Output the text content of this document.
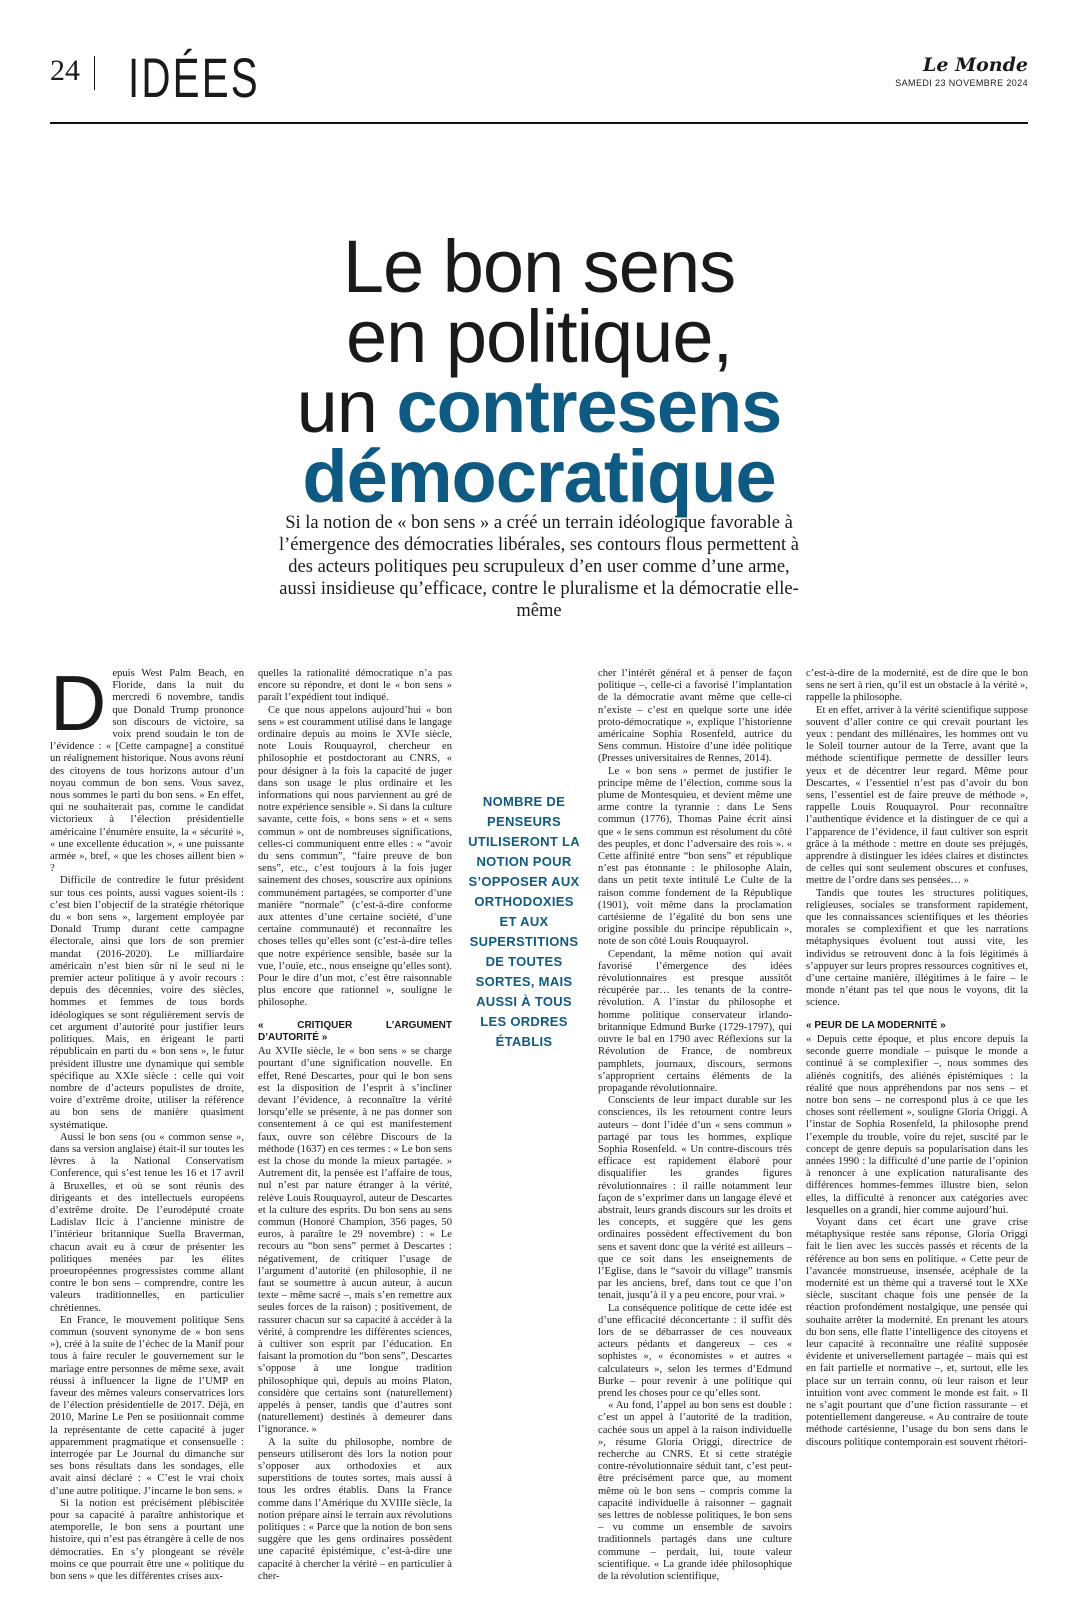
24 IDÉES	Le Monde
SAMEDI 23 NOVEMBRE 2024
Le bon sens
en politique,
un contresens
démocratique
Si la notion de « bon sens » a créé un terrain idéologique favorable à l’émergence des démocraties libérales, ses contours flous permettent à des acteurs politiques peu scrupuleux d’en user comme d’une arme, aussi insidieuse qu’efficace, contre le pluralisme et la démocratie elle-même
D epuis West Palm Beach, en Floride, dans la nuit du mercredi 6 novembre, tandis que Donald Trump prononce son discours de victoire, sa voix prend soudain le ton de l’évidence : « [Cette campagne] a constitué un réalignement historique. Nous avons réuni des citoyens de tous horizons autour d’un noyau commun de bon sens. Vous savez, nous sommes le parti du bon sens. » En effet, qui ne souhaiterait pas, comme le candidat victorieux à l’élection présidentielle américaine l’énumère ensuite, la « sécurité », « une excellente éducation », « une puissante armée », bref, « que les choses aillent bien » ?

Difficile de contredire le futur président sur tous ces points, aussi vagues soient-ils : c’est bien l’objectif de la stratégie rhétorique du « bon sens », largement employée par Donald Trump durant cette campagne électorale, ainsi que lors de son premier mandat (2016-2020). Le milliardaire américain n’est bien sûr ni le seul ni le premier acteur politique à y avoir recours : depuis des décennies, voire des siècles, hommes et femmes de tous bords idéologiques se sont régulièrement servis de cet argument d’autorité pour justifier leurs politiques. Mais, en érigeant le parti républicain en parti du « bon sens », le futur président illustre une dynamique qui semble spécifique au XXIe siècle : celle qui voit nombre de d’acteurs populistes de droite, voire d’extrême droite, utiliser la référence au bon sens de manière quasiment systématique.

Aussi le bon sens (ou « common sense », dans sa version anglaise) était-il sur toutes les lèvres à la National Conservatism Conference, qui s’est tenue les 16 et 17 avril à Bruxelles, et où se sont réunis des dirigeants et des intellectuels européens d’extrême droite. De l’eurodéputé croate Ladislav Ilcic à l’ancienne ministre de l’intérieur britannique Suella Braverman, chacun avait eu à cœur de présenter les politiques menées par les élites proeuropéennes progressistes comme allant contre le bon sens – comprendre, contre les valeurs traditionnelles, en particulier chrétiennes.

En France, le mouvement politique Sens commun (souvent synonyme de « bon sens »), créé à la suite de l’échec de la Manif pour tous à faire reculer le gouvernement sur le mariage entre personnes de même sexe, avait réussi à influencer la ligne de l’UMP en faveur des mêmes valeurs conservatrices lors de l’élection présidentielle de 2017. Déjà, en 2010, Marine Le Pen se positionnait comme la représentante de cette capacité à juger apparemment pragmatique et consensuelle : interrogée par Le Journal du dimanche sur ses bons résultats dans les sondages, elle avait ainsi déclaré : « C’est le vrai choix d’une autre politique. J’incarne le bon sens. »

Si la notion est précisément plébiscitée pour sa capacité à paraître anhistorique et atemporelle, le bon sens a pourtant une histoire, qui n’est pas étrangère à celle de nos démocraties. En s’y plongeant se révèle moins ce que pourrait être une « politique du bon sens » que les différentes crises aux-

quelles la rationalité démocratique n’a pas encore su répondre, et dont le « bon sens » paraît l’expédient tout indiqué.

Ce que nous appelons aujourd’hui « bon sens » est couramment utilisé dans le langage ordinaire depuis au moins le XVIe siècle, note Louis Rouquayrol, chercheur en philosophie et postdoctorant au CNRS, « pour désigner à la fois la capacité de juger dans son usage le plus ordinaire et les informations qui nous parviennent au gré de notre expérience sensible ». Si dans la culture savante, cette fois, « bons sens » et « sens commun » ont de nombreuses significations, celles-ci communiquent entre elles : « “avoir du sens commun”, “faire preuve de bon sens”, etc., c’est toujours à la fois juger sainement des choses, souscrire aux opinions communément partagées, se comporter d’une manière “normale” (c’est-à-dire conforme aux attentes d’une certaine société, d’une certaine communauté) et reconnaître les choses telles qu’elles sont (c’est-à-dire telles que notre expérience sensible, basée sur la vue, l’ouïe, etc., nous enseigne qu’elles sont). Pour le dire d’un mot, c’est être raisonnable plus encore que rationnel », souligne le philosophe.

« CRITIQUER L’ARGUMENT D’AUTORITÉ »

Au XVIIe siècle, le « bon sens » se charge pourtant d’une signification nouvelle. En effet, René Descartes, pour qui le bon sens est la disposition de l’esprit à s’incliner devant l’évidence, à reconnaître la vérité lorsqu’elle se présente, à ne pas donner son consentement à ce qui est manifestement faux, ouvre son célèbre Discours de la méthode (1637) en ces termes : « Le bon sens est la chose du monde la mieux partagée. » Autrement dit, la pensée est l’affaire de tous, nul n’est par nature étranger à la vérité, relève Louis Rouquayrol, auteur de Descartes et la culture des esprits. Du bon sens au sens commun (Honoré Champion, 356 pages, 50 euros, à paraître le 29 novembre) : « Le recours au “bon sens” permet à Descartes : négativement, de critiquer l’usage de l’argument d’autorité (en philosophie, il ne faut se soumettre à aucun auteur, à aucun texte – même sacré –, mais s’en remettre aux seules forces de la raison) ; positivement, de rassurer chacun sur sa capacité à accéder à la vérité, à comprendre les différentes sciences, à cultiver son esprit par l’éducation. En faisant la promotion du “bon sens”, Descartes s’oppose à une longue tradition philosophique qui, depuis au moins Platon, considère que certains sont (naturellement) appelés à penser, tandis que d’autres sont (naturellement) destinés à demeurer dans l’ignorance. »

A la suite du philosophe, nombre de penseurs utiliseront dès lors la notion pour s’opposer aux orthodoxies et aux superstitions de toutes sortes, mais aussi à tous les ordres établis. Dans la France comme dans l’Amérique du XVIIIe siècle, la notion prépare ainsi le terrain aux révolutions politiques : « Parce que la notion de bon sens suggère que les gens ordinaires possèdent une capacité épistémique, c’est-à-dire une capacité à chercher la vérité – en particulier à cher-

NOMBRE DE PENSEURS UTILISERONT LA NOTION POUR S’OPPOSER AUX ORTHODOXIES ET AUX SUPERSTITIONS DE TOUTES SORTES, MAIS AUSSI À TOUS LES ORDRES ÉTABLIS

cher l’intérêt général et à penser de façon politique –, celle-ci a favorisé l’implantation de la démocratie avant même que celle-ci n’existe – c’est en quelque sorte une idée proto-démocratique », explique l’historienne américaine Sophia Rosenfeld, autrice du Sens commun. Histoire d’une idée politique (Presses universitaires de Rennes, 2014).

Le « bon sens » permet de justifier le principe même de l’élection, comme sous la plume de Montesquieu, et devient même une arme contre la tyrannie : dans Le Sens commun (1776), Thomas Paine écrit ainsi que « le sens commun est résolument du côté des peuples, et donc l’adversaire des rois ». « Cette affinité entre “bon sens” et république n’est pas étonnante : le philosophe Alain, dans un petit texte intitulé Le Culte de la raison comme fondement de la République (1901), voit même dans la proclamation cartésienne de l’égalité du bon sens une origine possible du principe républicain », note de son côté Louis Rouquayrol.

Cependant, la même notion qui avait favorisé l’émergence des idées révolutionnaires est presque aussitôt récupérée par… les tenants de la contre-révolution. A l’instar du philosophe et homme politique conservateur irlando-britannique Edmund Burke (1729-1797), qui ouvre le bal en 1790 avec Réflexions sur la Révolution de France, de nombreux pamphlets, journaux, discours, sermons s’approprient certains éléments de la propagande révolutionnaire.

Conscients de leur impact durable sur les consciences, ils les retournent contre leurs auteurs – dont l’idée d’un « sens commun » partagé par tous les hommes, explique Sophia Rosenfeld. « Un contre-discours très efficace est rapidement élaboré pour disqualifier les grandes figures révolutionnaires : il raille notamment leur façon de s’exprimer dans un langage élevé et abstrait, leurs grands discours sur les droits et les concepts, et suggère que les gens ordinaires possèdent effectivement du bon sens et savent donc que la vérité est ailleurs – que ce soit dans les enseignements de l’Eglise, dans le “savoir du village” transmis par les anciens, bref, dans tout ce que l’on tenait, jusqu’à il y a peu encore, pour vrai. »

La conséquence politique de cette idée est d’une efficacité déconcertante : il suffit dès lors de se débarrasser de ces nouveaux acteurs pédants et dangereux – ces « sophistes », « économistes » et autres « calculateurs », selon les termes d’Edmund Burke – pour revenir à une politique qui prend les choses pour ce qu’elles sont.

« Au fond, l’appel au bon sens est double : c’est un appel à l’autorité de la tradition, cachée sous un appel à la raison individuelle », résume Gloria Origgi, directrice de recherche au CNRS. Et si cette stratégie contre-révolutionnaire séduit tant, c’est peut-être précisément parce que, au moment même où le bon sens – compris comme la capacité individuelle à raisonner – gagnait ses lettres de noblesse politiques, le bon sens – vu comme un ensemble de savoirs traditionnels partagés dans une culture commune – perdait, lui, toute valeur scientifique. « La grande idée philosophique de la révolution scientifique,

c’est-à-dire de la modernité, est de dire que le bon sens ne sert à rien, qu’il est un obstacle à la vérité », rappelle la philosophe.

Et en effet, arriver à la vérité scientifique suppose souvent d’aller contre ce qui crevait pourtant les yeux : pendant des millénaires, les hommes ont vu le Soleil tourner autour de la Terre, avant que la méthode scientifique permette de dessiller leurs yeux et de décentrer leur regard. Même pour Descartes, « l’essentiel n’est pas d’avoir du bon sens, l’essentiel est de faire preuve de méthode », rappelle Louis Rouquayrol. Pour reconnaître l’authentique évidence et la distinguer de ce qui a l’apparence de l’évidence, il faut cultiver son esprit grâce à la méthode : mettre en doute ses préjugés, apprendre à distinguer les idées claires et distinctes de celles qui sont seulement obscures et confuses, mettre de l’ordre dans ses pensées… »

Tandis que toutes les structures politiques, religieuses, sociales se transforment rapidement, que les connaissances scientifiques et les théories morales se complexifient et que les narrations métaphysiques évoluent tout aussi vite, les individus se retrouvent donc à la fois légitimés à s’appuyer sur leurs propres ressources cognitives et, d’une certaine manière, illégitimes à le faire – le monde n’étant pas tel que nous le voyons, dit la science.

« PEUR DE LA MODERNITÉ »

« Depuis cette époque, et plus encore depuis la seconde guerre mondiale – puisque le monde a continué à se complexifier –, nous sommes des aliénés cognitifs, des aliénés épistémiques : la réalité que nous appréhendons par nos sens – et notre bon sens – ne correspond plus à ce que les choses sont réellement », souligne Gloria Origgi. A l’instar de Sophia Rosenfeld, la philosophe prend l’exemple du trouble, voire du rejet, suscité par le concept de genre depuis sa popularisation dans les années 1990 : la difficulté d’une partie de l’opinion à renoncer à une explication naturalisante des différences hommes-femmes illustre bien, selon elles, la difficulté à renoncer aux catégories avec lesquelles on a grandi, hier comme aujourd’hui.

Voyant dans cet écart une grave crise métaphysique restée sans réponse, Gloria Origgi fait le lien avec les succès passés et récents de la référence au bon sens en politique. « Cette peur de l’avancée monstrueuse, insensée, acéphale de la modernité est un thème qui a traversé tout le XXe siècle, suscitant chaque fois une pensée de la réaction profondément nostalgique, une pensée qui souhaite arrêter la modernité. En prenant les atours du bon sens, elle flatte l’intelligence des citoyens et leur capacité à reconnaître une réalité supposée évidente et universellement partagée – mais qui est en fait partielle et normative –, et, surtout, elle les place sur un terrain connu, où leur raison et leur intuition vont avec comment le monde est fait. » Il ne s’agit pourtant que d’une fiction rassurante – et potentiellement dangereuse. « Au contraire de toute méthode cartésienne, l’usage du bon sens dans le discours politique contemporain est souvent rhétori-
